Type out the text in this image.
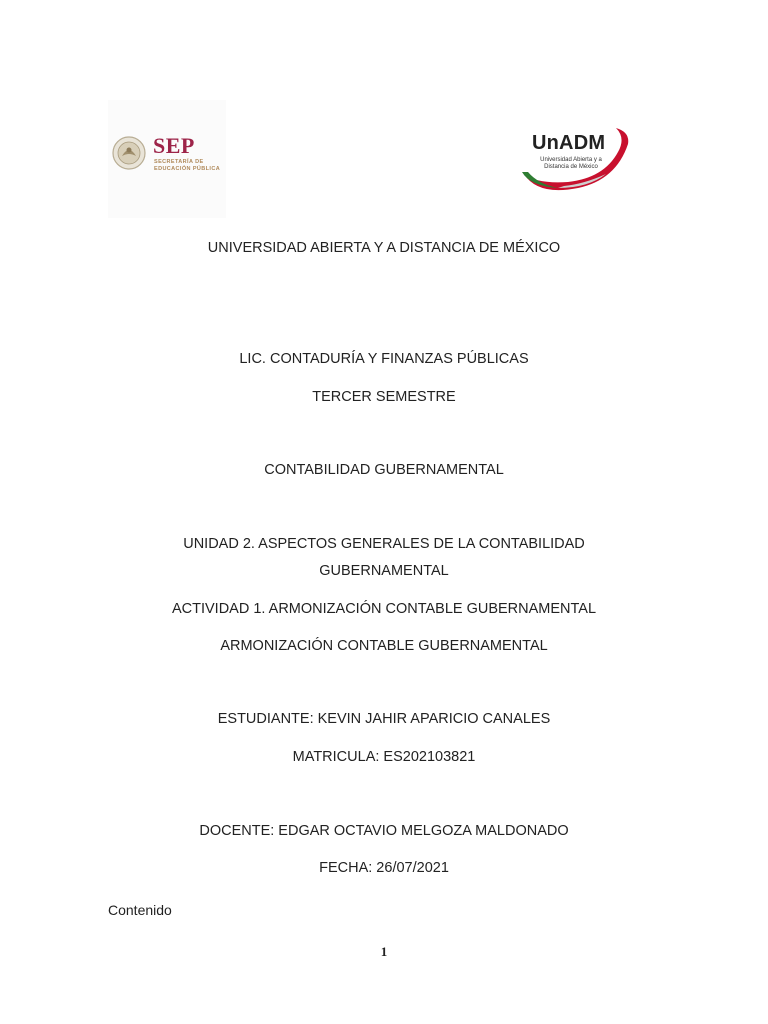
SEP
SECRETARÍA DE
EDUCACIÓN PÚBLICA
UnADM
Universidad Abierta y a
Distancia de México
UNIVERSIDAD ABIERTA Y A DISTANCIA DE MÉXICO
LIC. CONTADURÍA Y FINANZAS PÚBLICAS
TERCER SEMESTRE
CONTABILIDAD GUBERNAMENTAL
UNIDAD 2. ASPECTOS GENERALES DE LA CONTABILIDAD
GUBERNAMENTAL
ACTIVIDAD 1. ARMONIZACIÓN CONTABLE GUBERNAMENTAL
ARMONIZACIÓN CONTABLE GUBERNAMENTAL
ESTUDIANTE: KEVIN JAHIR APARICIO CANALES
MATRICULA: ES202103821
DOCENTE: EDGAR OCTAVIO MELGOZA MALDONADO
FECHA: 26/07/2021
Contenido
1
